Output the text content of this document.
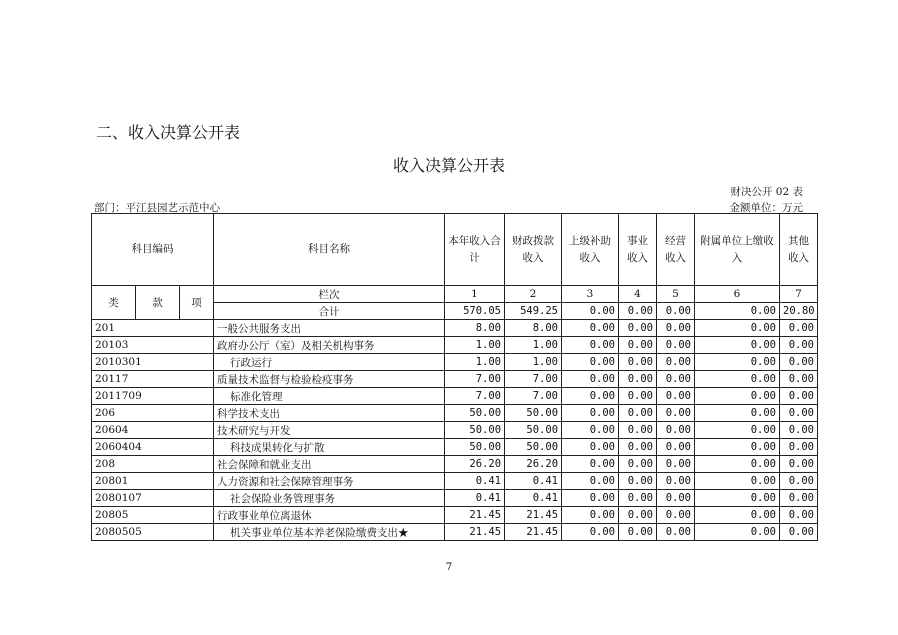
二、收入决算公开表
收入决算公开表
财决公开 02 表
部门：平江县园艺示范中心	金额单位：万元
科目编码			科目名称	本年收入合计	财政拨款收入	上级补助收入	事业收入	经营收入	附属单位上缴收入	其他收入
类	款	项	栏次	1	2	3	4	5	6	7
			合计	570.05	549.25	0.00	0.00	0.00	0.00	20.80
201			一般公共服务支出	8.00	8.00	0.00	0.00	0.00	0.00	0.00
20103			政府办公厅（室）及相关机构事务	1.00	1.00	0.00	0.00	0.00	0.00	0.00
2010301			行政运行	1.00	1.00	0.00	0.00	0.00	0.00	0.00
20117			质量技术监督与检验检疫事务	7.00	7.00	0.00	0.00	0.00	0.00	0.00
2011709			标准化管理	7.00	7.00	0.00	0.00	0.00	0.00	0.00
206			科学技术支出	50.00	50.00	0.00	0.00	0.00	0.00	0.00
20604			技术研究与开发	50.00	50.00	0.00	0.00	0.00	0.00	0.00
2060404			科技成果转化与扩散	50.00	50.00	0.00	0.00	0.00	0.00	0.00
208			社会保障和就业支出	26.20	26.20	0.00	0.00	0.00	0.00	0.00
20801			人力资源和社会保障管理事务	0.41	0.41	0.00	0.00	0.00	0.00	0.00
2080107			社会保险业务管理事务	0.41	0.41	0.00	0.00	0.00	0.00	0.00
20805			行政事业单位离退休	21.45	21.45	0.00	0.00	0.00	0.00	0.00
2080505			机关事业单位基本养老保险缴费支出★	21.45	21.45	0.00	0.00	0.00	0.00	0.00
7
